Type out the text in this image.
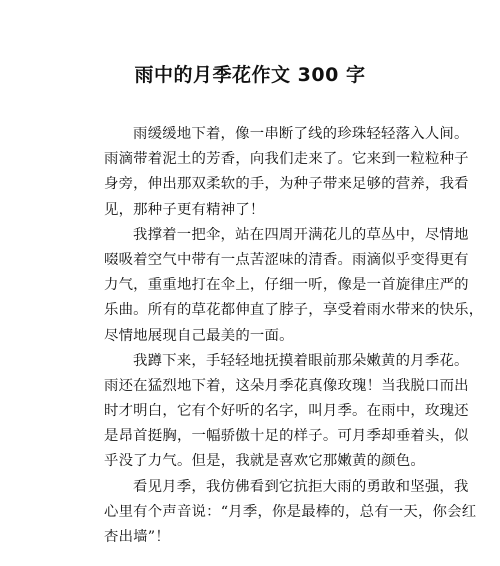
雨中的月季花作文 300 字
雨缓缓地下着，像一串断了线的珍珠轻轻落入人间。
雨滴带着泥土的芳香，向我们走来了。它来到一粒粒种子
身旁，伸出那双柔软的手，为种子带来足够的营养，我看
见，那种子更有精神了！
我撑着一把伞，站在四周开满花儿的草丛中，尽情地
啜吸着空气中带有一点苦涩味的清香。雨滴似乎变得更有
力气，重重地打在伞上，仔细一听，像是一首旋律庄严的
乐曲。所有的草花都伸直了脖子，享受着雨水带来的快乐，
尽情地展现自己最美的一面。
我蹲下来，手轻轻地抚摸着眼前那朵嫩黄的月季花。
雨还在猛烈地下着，这朵月季花真像玫瑰！当我脱口而出
时才明白，它有个好听的名字，叫月季。在雨中，玫瑰还
是昂首挺胸，一幅骄傲十足的样子。可月季却垂着头，似
乎没了力气。但是，我就是喜欢它那嫩黄的颜色。
看见月季，我仿佛看到它抗拒大雨的勇敢和坚强，我
心里有个声音说：“月季，你是最棒的，总有一天，你会红
杏出墙”！
